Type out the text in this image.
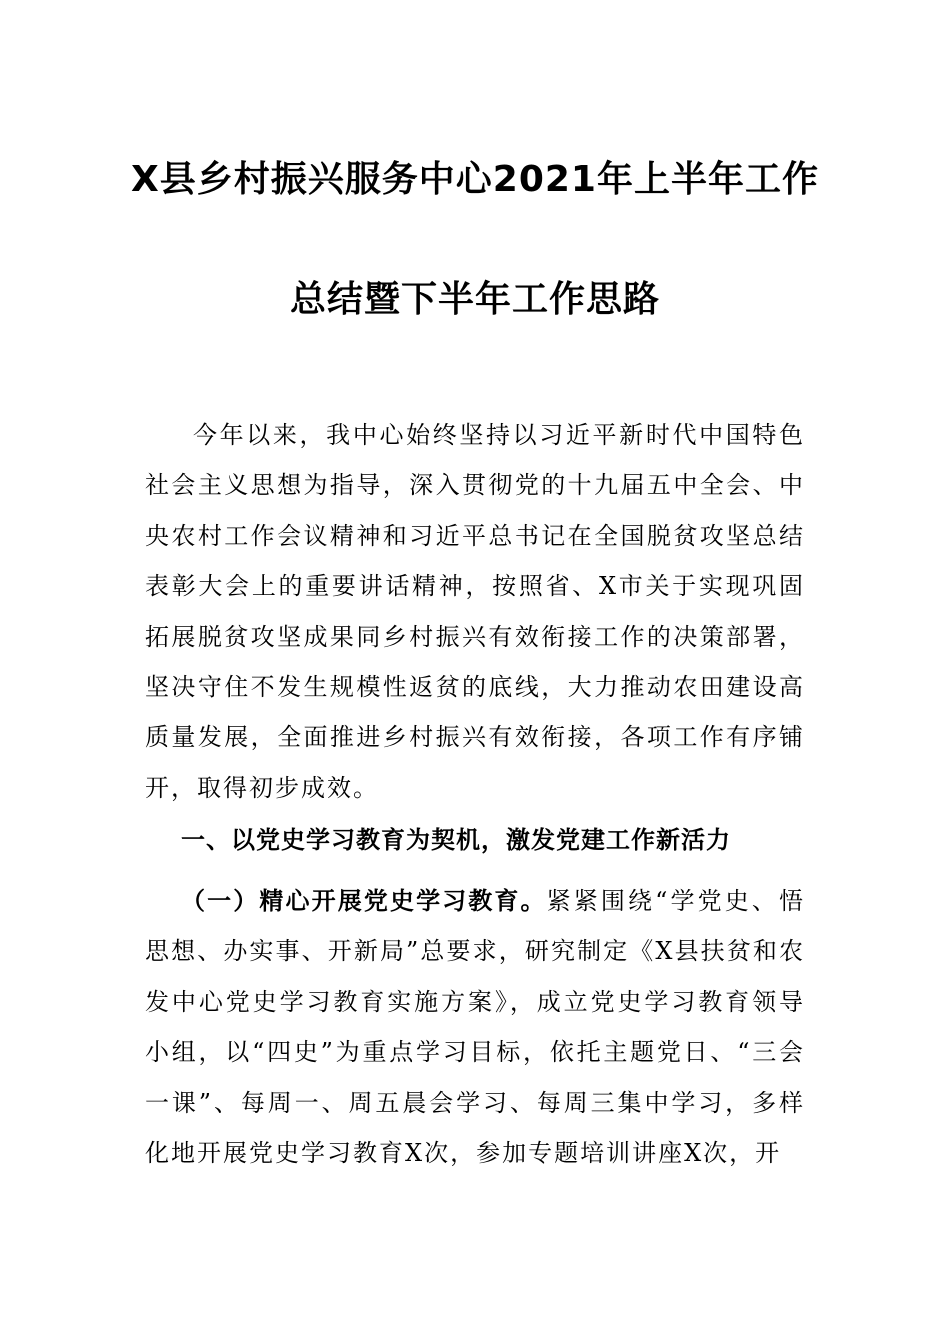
X县乡村振兴服务中心2021年上半年工作
总结暨下半年工作思路

今年以来，我中心始终坚持以习近平新时代中国特色社会主义思想为指导，深入贯彻党的十九届五中全会、中央农村工作会议精神和习近平总书记在全国脱贫攻坚总结表彰大会上的重要讲话精神，按照省、X市关于实现巩固拓展脱贫攻坚成果同乡村振兴有效衔接工作的决策部署，坚决守住不发生规模性返贫的底线，大力推动农田建设高质量发展，全面推进乡村振兴有效衔接，各项工作有序铺开，取得初步成效。

一、以党史学习教育为契机，激发党建工作新活力

（一）精心开展党史学习教育。紧紧围绕“学党史、悟思想、办实事、开新局”总要求，研究制定《X县扶贫和农发中心党史学习教育实施方案》，成立党史学习教育领导小组，以“四史”为重点学习目标，依托主题党日、“三会一课”、每周一、周五晨会学习、每周三集中学习，多样化地开展党史学习教育X次，参加专题培训讲座X次，开
